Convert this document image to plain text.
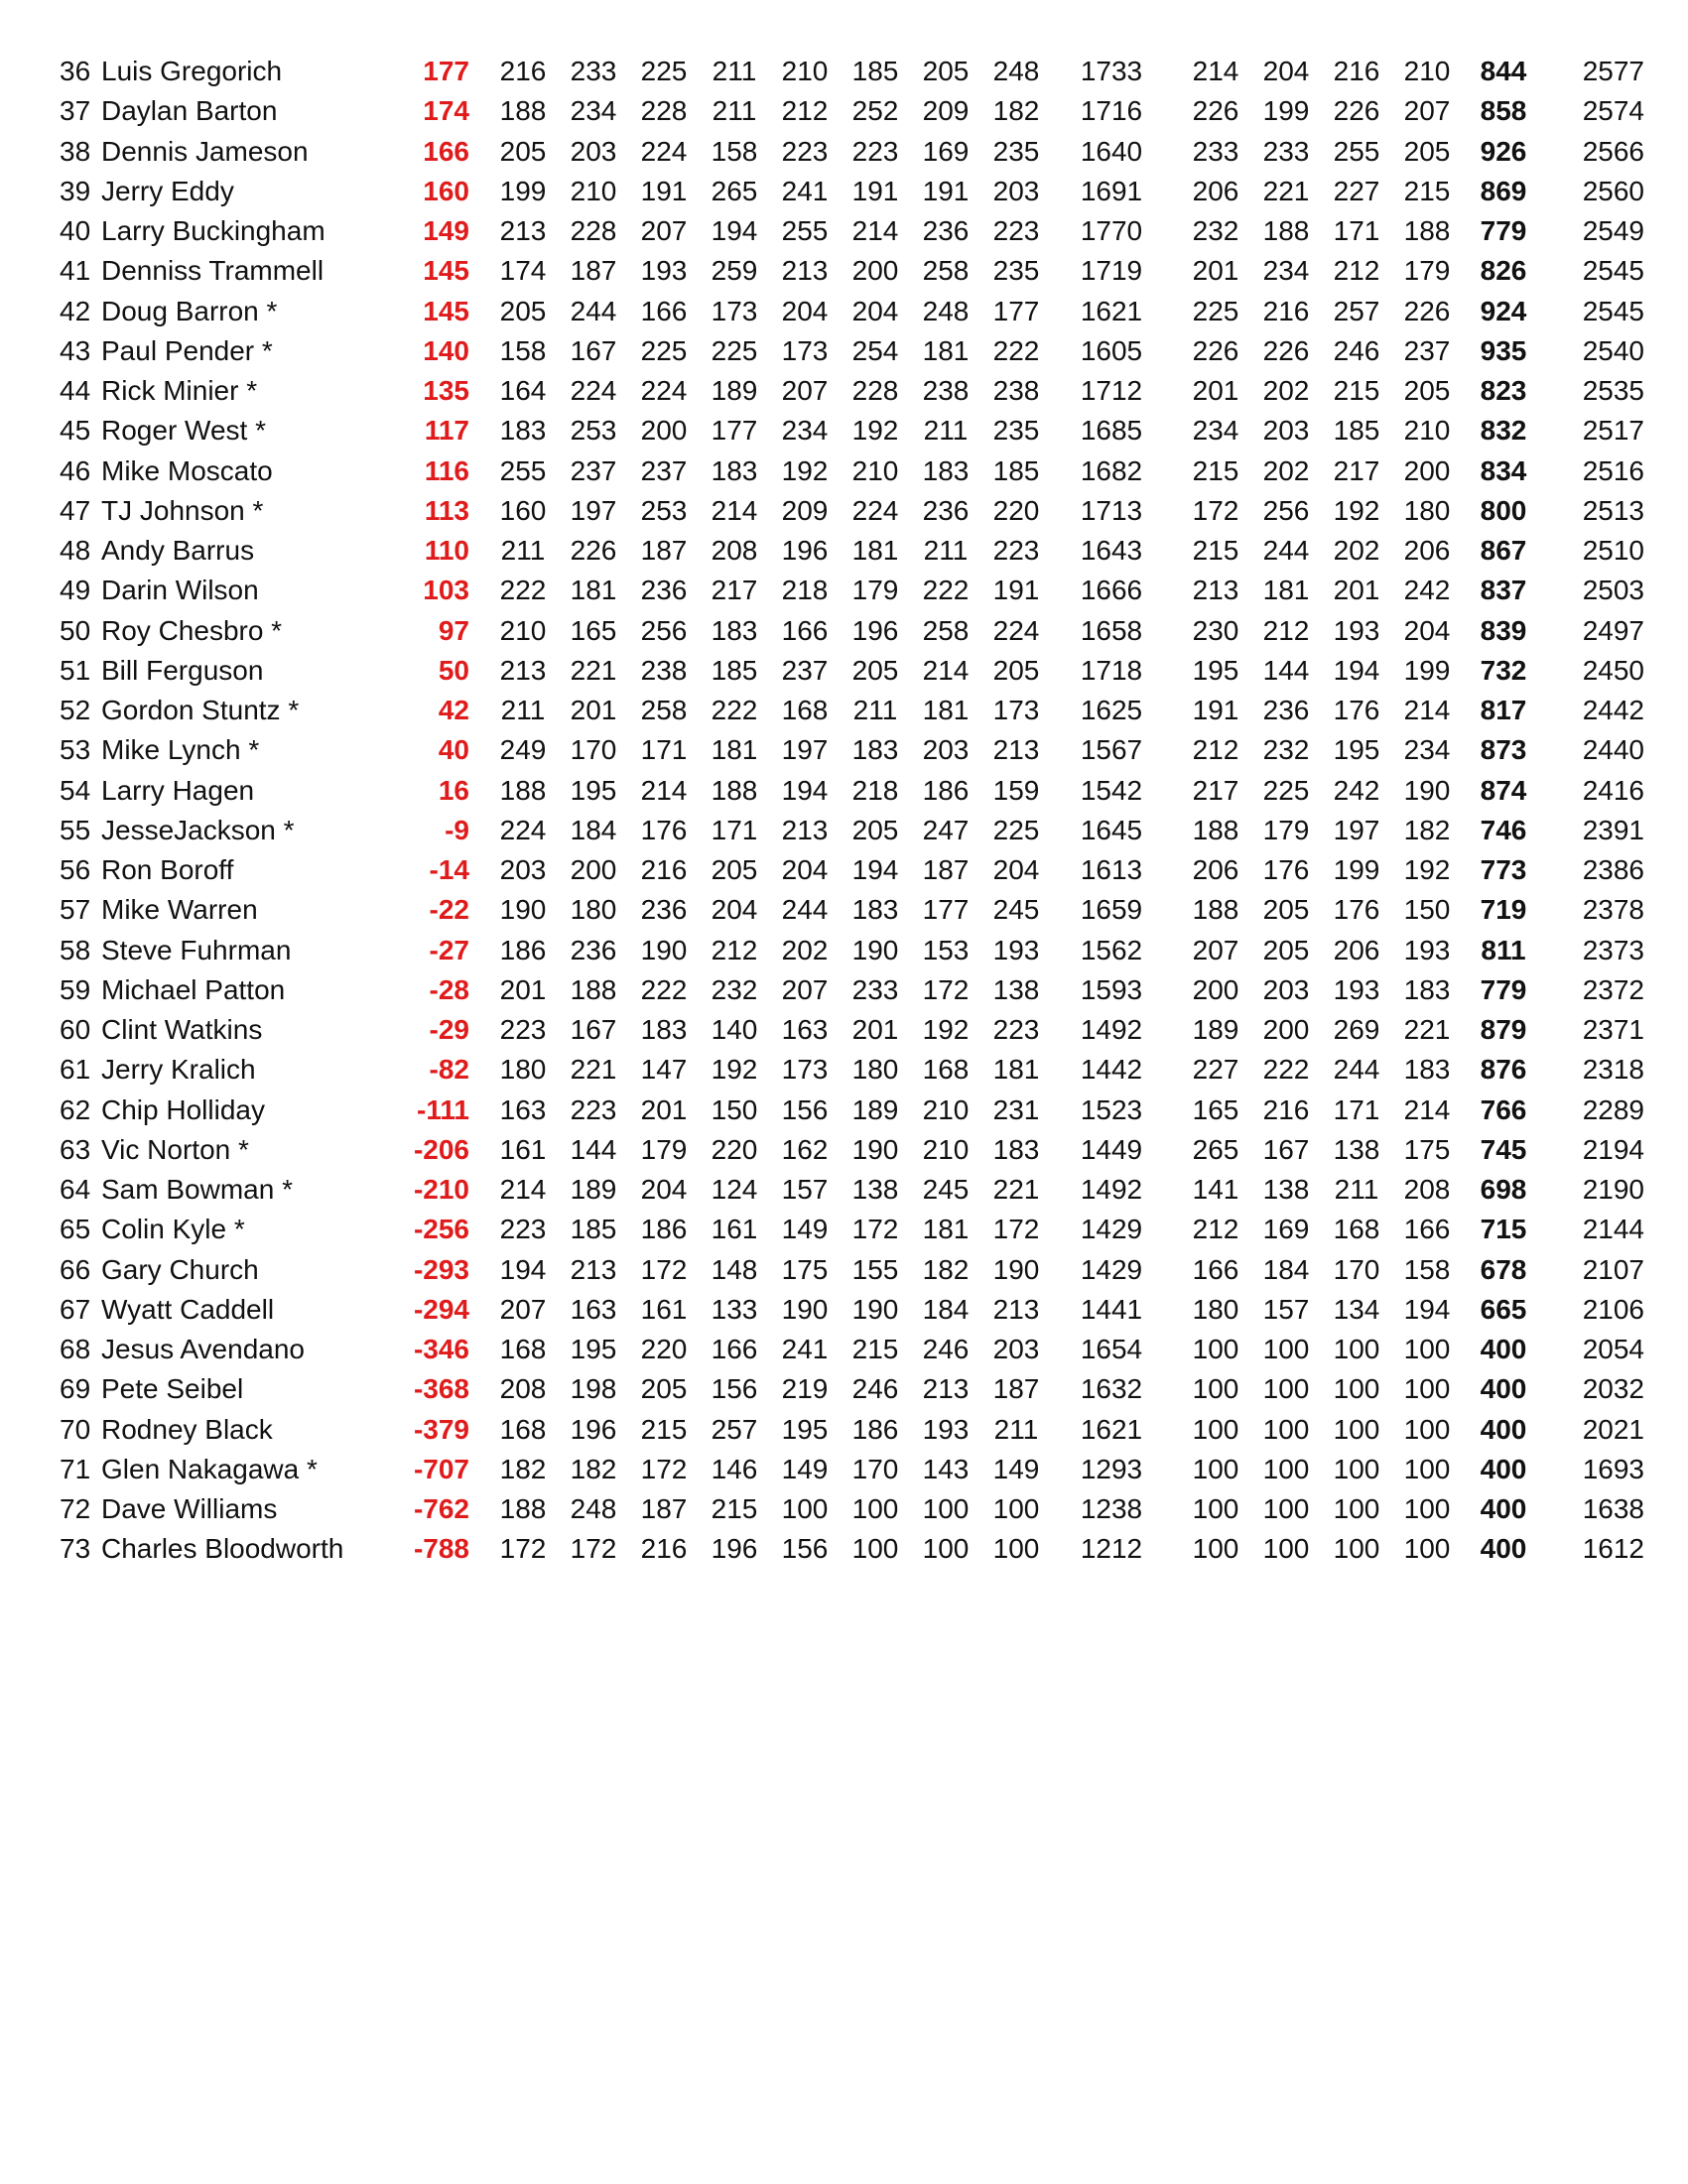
36 Luis Gregorich	177 216 233 225 211 210 185 205 248	1733	214 204 216 210	844	2577
37 Daylan Barton	174 188 234 228 211 212 252 209 182	1716	226 199 226 207	858	2574
38 Dennis Jameson	166 205 203 224 158 223 223 169 235	1640	233 233 255 205	926	2566
39 Jerry Eddy	160 199 210 191 265 241 191 191 203	1691	206 221 227 215	869	2560
40 Larry Buckingham	149 213 228 207 194 255 214 236 223	1770	232 188 171 188	779	2549
41 Denniss Trammell	145 174 187 193 259 213 200 258 235	1719	201 234 212 179	826	2545
42 Doug Barron *	145 205 244 166 173 204 204 248 177	1621	225 216 257 226	924	2545
43 Paul Pender *	140 158 167 225 225 173 254 181 222	1605	226 226 246 237	935	2540
44 Rick Minier *	135 164 224 224 189 207 228 238 238	1712	201 202 215 205	823	2535
45 Roger West *	117 183 253 200 177 234 192 211 235	1685	234 203 185 210	832	2517
46 Mike Moscato	116 255 237 237 183 192 210 183 185	1682	215 202 217 200	834	2516
47 TJ Johnson *	113 160 197 253 214 209 224 236 220	1713	172 256 192 180	800	2513
48 Andy Barrus	110 211 226 187 208 196 181 211 223	1643	215 244 202 206	867	2510
49 Darin Wilson	103 222 181 236 217 218 179 222 191	1666	213 181 201 242	837	2503
50 Roy Chesbro *	97 210 165 256 183 166 196 258 224	1658	230 212 193 204	839	2497
51 Bill Ferguson	50 213 221 238 185 237 205 214 205	1718	195 144 194 199	732	2450
52 Gordon Stuntz *	42 211 201 258 222 168 211 181 173	1625	191 236 176 214	817	2442
53 Mike Lynch *	40 249 170 171 181 197 183 203 213	1567	212 232 195 234	873	2440
54 Larry Hagen	16 188 195 214 188 194 218 186 159	1542	217 225 242 190	874	2416
55 JesseJackson *	-9 224 184 176 171 213 205 247 225	1645	188 179 197 182	746	2391
56 Ron Boroff	-14 203 200 216 205 204 194 187 204	1613	206 176 199 192	773	2386
57 Mike Warren	-22 190 180 236 204 244 183 177 245	1659	188 205 176 150	719	2378
58 Steve Fuhrman	-27 186 236 190 212 202 190 153 193	1562	207 205 206 193	811	2373
59 Michael Patton	-28 201 188 222 232 207 233 172 138	1593	200 203 193 183	779	2372
60 Clint Watkins	-29 223 167 183 140 163 201 192 223	1492	189 200 269 221	879	2371
61 Jerry Kralich	-82 180 221 147 192 173 180 168 181	1442	227 222 244 183	876	2318
62 Chip Holliday	-111 163 223 201 150 156 189 210 231	1523	165 216 171 214	766	2289
63 Vic Norton *	-206 161 144 179 220 162 190 210 183	1449	265 167 138 175	745	2194
64 Sam Bowman *	-210 214 189 204 124 157 138 245 221	1492	141 138 211 208	698	2190
65 Colin Kyle *	-256 223 185 186 161 149 172 181 172	1429	212 169 168 166	715	2144
66 Gary Church	-293 194 213 172 148 175 155 182 190	1429	166 184 170 158	678	2107
67 Wyatt Caddell	-294 207 163 161 133 190 190 184 213	1441	180 157 134 194	665	2106
68 Jesus Avendano	-346 168 195 220 166 241 215 246 203	1654	100 100 100 100	400	2054
69 Pete Seibel	-368 208 198 205 156 219 246 213 187	1632	100 100 100 100	400	2032
70 Rodney Black	-379 168 196 215 257 195 186 193 211	1621	100 100 100 100	400	2021
71 Glen Nakagawa *	-707 182 182 172 146 149 170 143 149	1293	100 100 100 100	400	1693
72 Dave Williams	-762 188 248 187 215 100 100 100 100	1238	100 100 100 100	400	1638
73 Charles Bloodworth	-788 172 172 216 196 156 100 100 100	1212	100 100 100 100	400	1612
